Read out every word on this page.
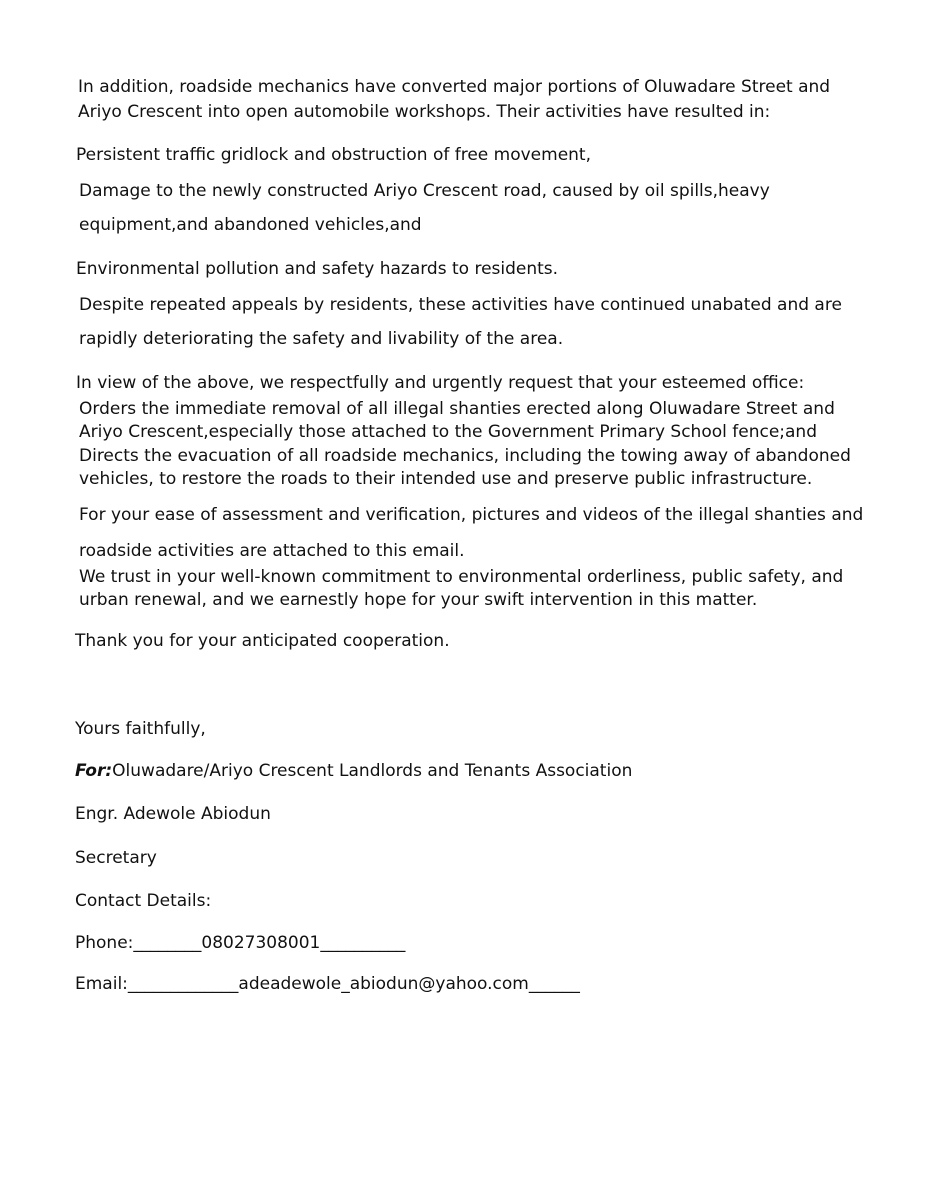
In addition, roadside mechanics have converted major portions of Oluwadare Street and
Ariyo Crescent into open automobile workshops. Their activities have resulted in:
Persistent traffic gridlock and obstruction of free movement,
Damage to the newly constructed Ariyo Crescent road, caused by oil spills,heavy
equipment,and abandoned vehicles,and
Environmental pollution and safety hazards to residents.
Despite repeated appeals by residents, these activities have continued unabated and are
rapidly deteriorating the safety and livability of the area.
In view of the above, we respectfully and urgently request that your esteemed office:
Orders the immediate removal of all illegal shanties erected along Oluwadare Street and
Ariyo Crescent,especially those attached to the Government Primary School fence;and
Directs the evacuation of all roadside mechanics, including the towing away of abandoned
vehicles, to restore the roads to their intended use and preserve public infrastructure.
For your ease of assessment and verification, pictures and videos of the illegal shanties and
roadside activities are attached to this email.
We trust in your well-known commitment to environmental orderliness, public safety, and
urban renewal, and we earnestly hope for your swift intervention in this matter.
Thank you for your anticipated cooperation.
Yours faithfully,
For:Oluwadare/Ariyo Crescent Landlords and Tenants Association
Engr. Adewole Abiodun
Secretary
Contact Details:
Phone:________08027308001__________
Email:_____________adeadewole_abiodun@yahoo.com______
